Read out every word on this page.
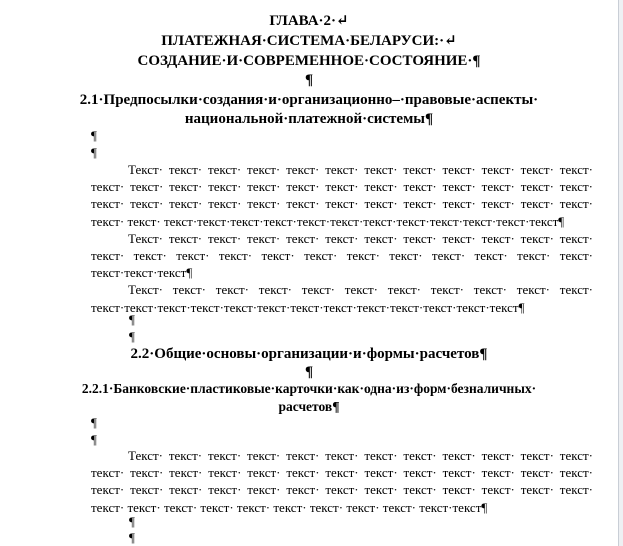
ГЛАВА·2·↵
ПЛАТЕЖНАЯ·СИСТЕМА·БЕЛАРУСИ:·↵
СОЗДАНИЕ·И·СОВРЕМЕННОЕ·СОСТОЯНИЕ·¶
¶
2.1·Предпосылки·создания·и·организационно–·правовые·аспекты·
национальной·платежной·системы¶
¶
¶

Текст· текст· текст· текст· текст· текст· текст· текст· текст· текст· текст· текст· текст· текст· текст· текст· текст· текст· текст· текст· текст· текст· текст· текст· текст· текст· текст· текст· текст· текст· текст· текст· текст· текст· текст· текст· текст· текст· текст· текст· текст·текст·текст·текст·текст·текст·текст·текст·текст·текст·текст·текст¶

Текст· текст· текст· текст· текст· текст· текст· текст· текст· текст· текст· текст· текст· текст· текст· текст· текст· текст· текст· текст· текст· текст· текст· текст· текст·текст·текст¶

Текст· текст· текст· текст· текст· текст· текст· текст· текст· текст· текст· текст·текст·текст·текст·текст·текст·текст·текст·текст·текст·текст·текст·текст¶

¶
¶
2.2·Общие·основы·организации·и·формы·расчетов¶
¶
2.2.1·Банковские·пластиковые·карточки·как·одна·из·форм·безналичных·
расчетов¶
¶
¶

Текст· текст· текст· текст· текст· текст· текст· текст· текст· текст· текст· текст· текст· текст· текст· текст· текст· текст· текст· текст· текст· текст· текст· текст· текст· текст· текст· текст· текст· текст· текст· текст· текст· текст· текст· текст· текст· текст· текст· текст· текст· текст· текст· текст· текст· текст· текст· текст·текст¶

¶
¶
